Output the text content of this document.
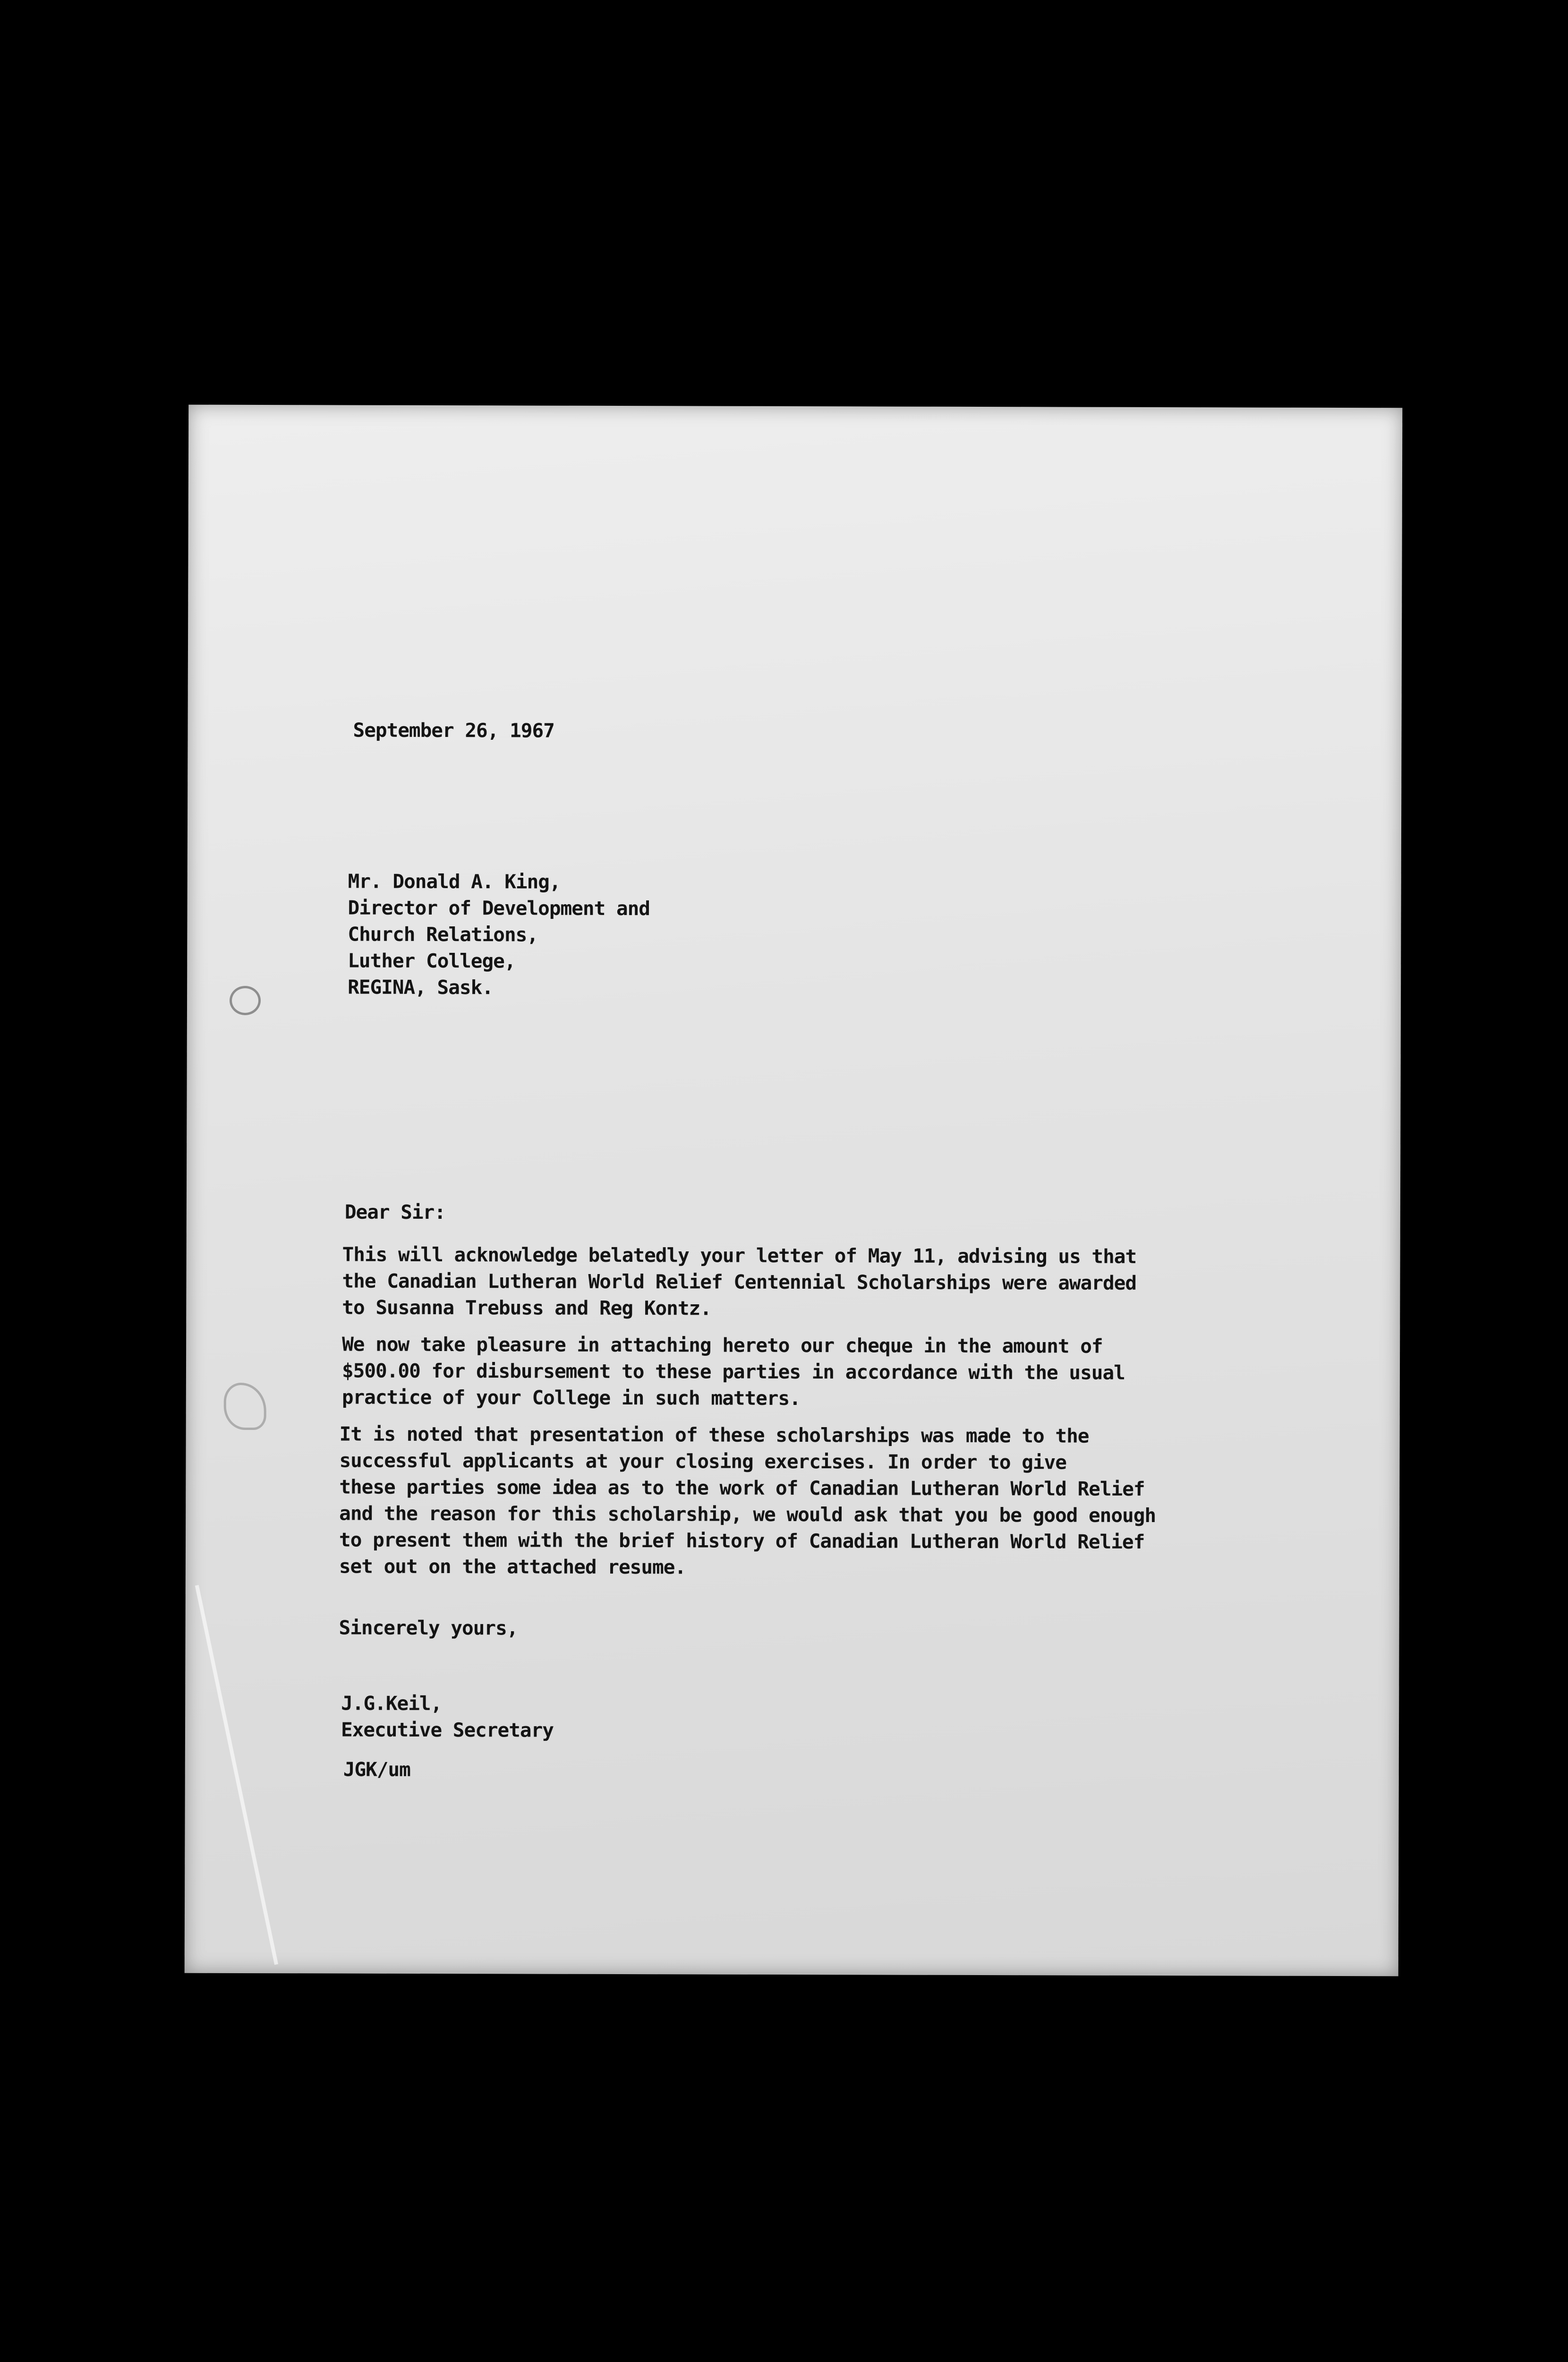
September 26, 1967
Mr. Donald A. King,
Director of Development and
Church Relations,
Luther College,
REGINA, Sask.
Dear Sir:
This will acknowledge belatedly your letter of May 11, advising us that
the Canadian Lutheran World Relief Centennial Scholarships were awarded
to Susanna Trebuss and Reg Kontz.
We now take pleasure in attaching hereto our cheque in the amount of
$500.00 for disbursement to these parties in accordance with the usual
practice of your College in such matters.
It is noted that presentation of these scholarships was made to the
successful applicants at your closing exercises. In order to give
these parties some idea as to the work of Canadian Lutheran World Relief
and the reason for this scholarship, we would ask that you be good enough
to present them with the brief history of Canadian Lutheran World Relief
set out on the attached resume.
Sincerely yours,
J.G.Keil,
Executive Secretary
JGK/um
